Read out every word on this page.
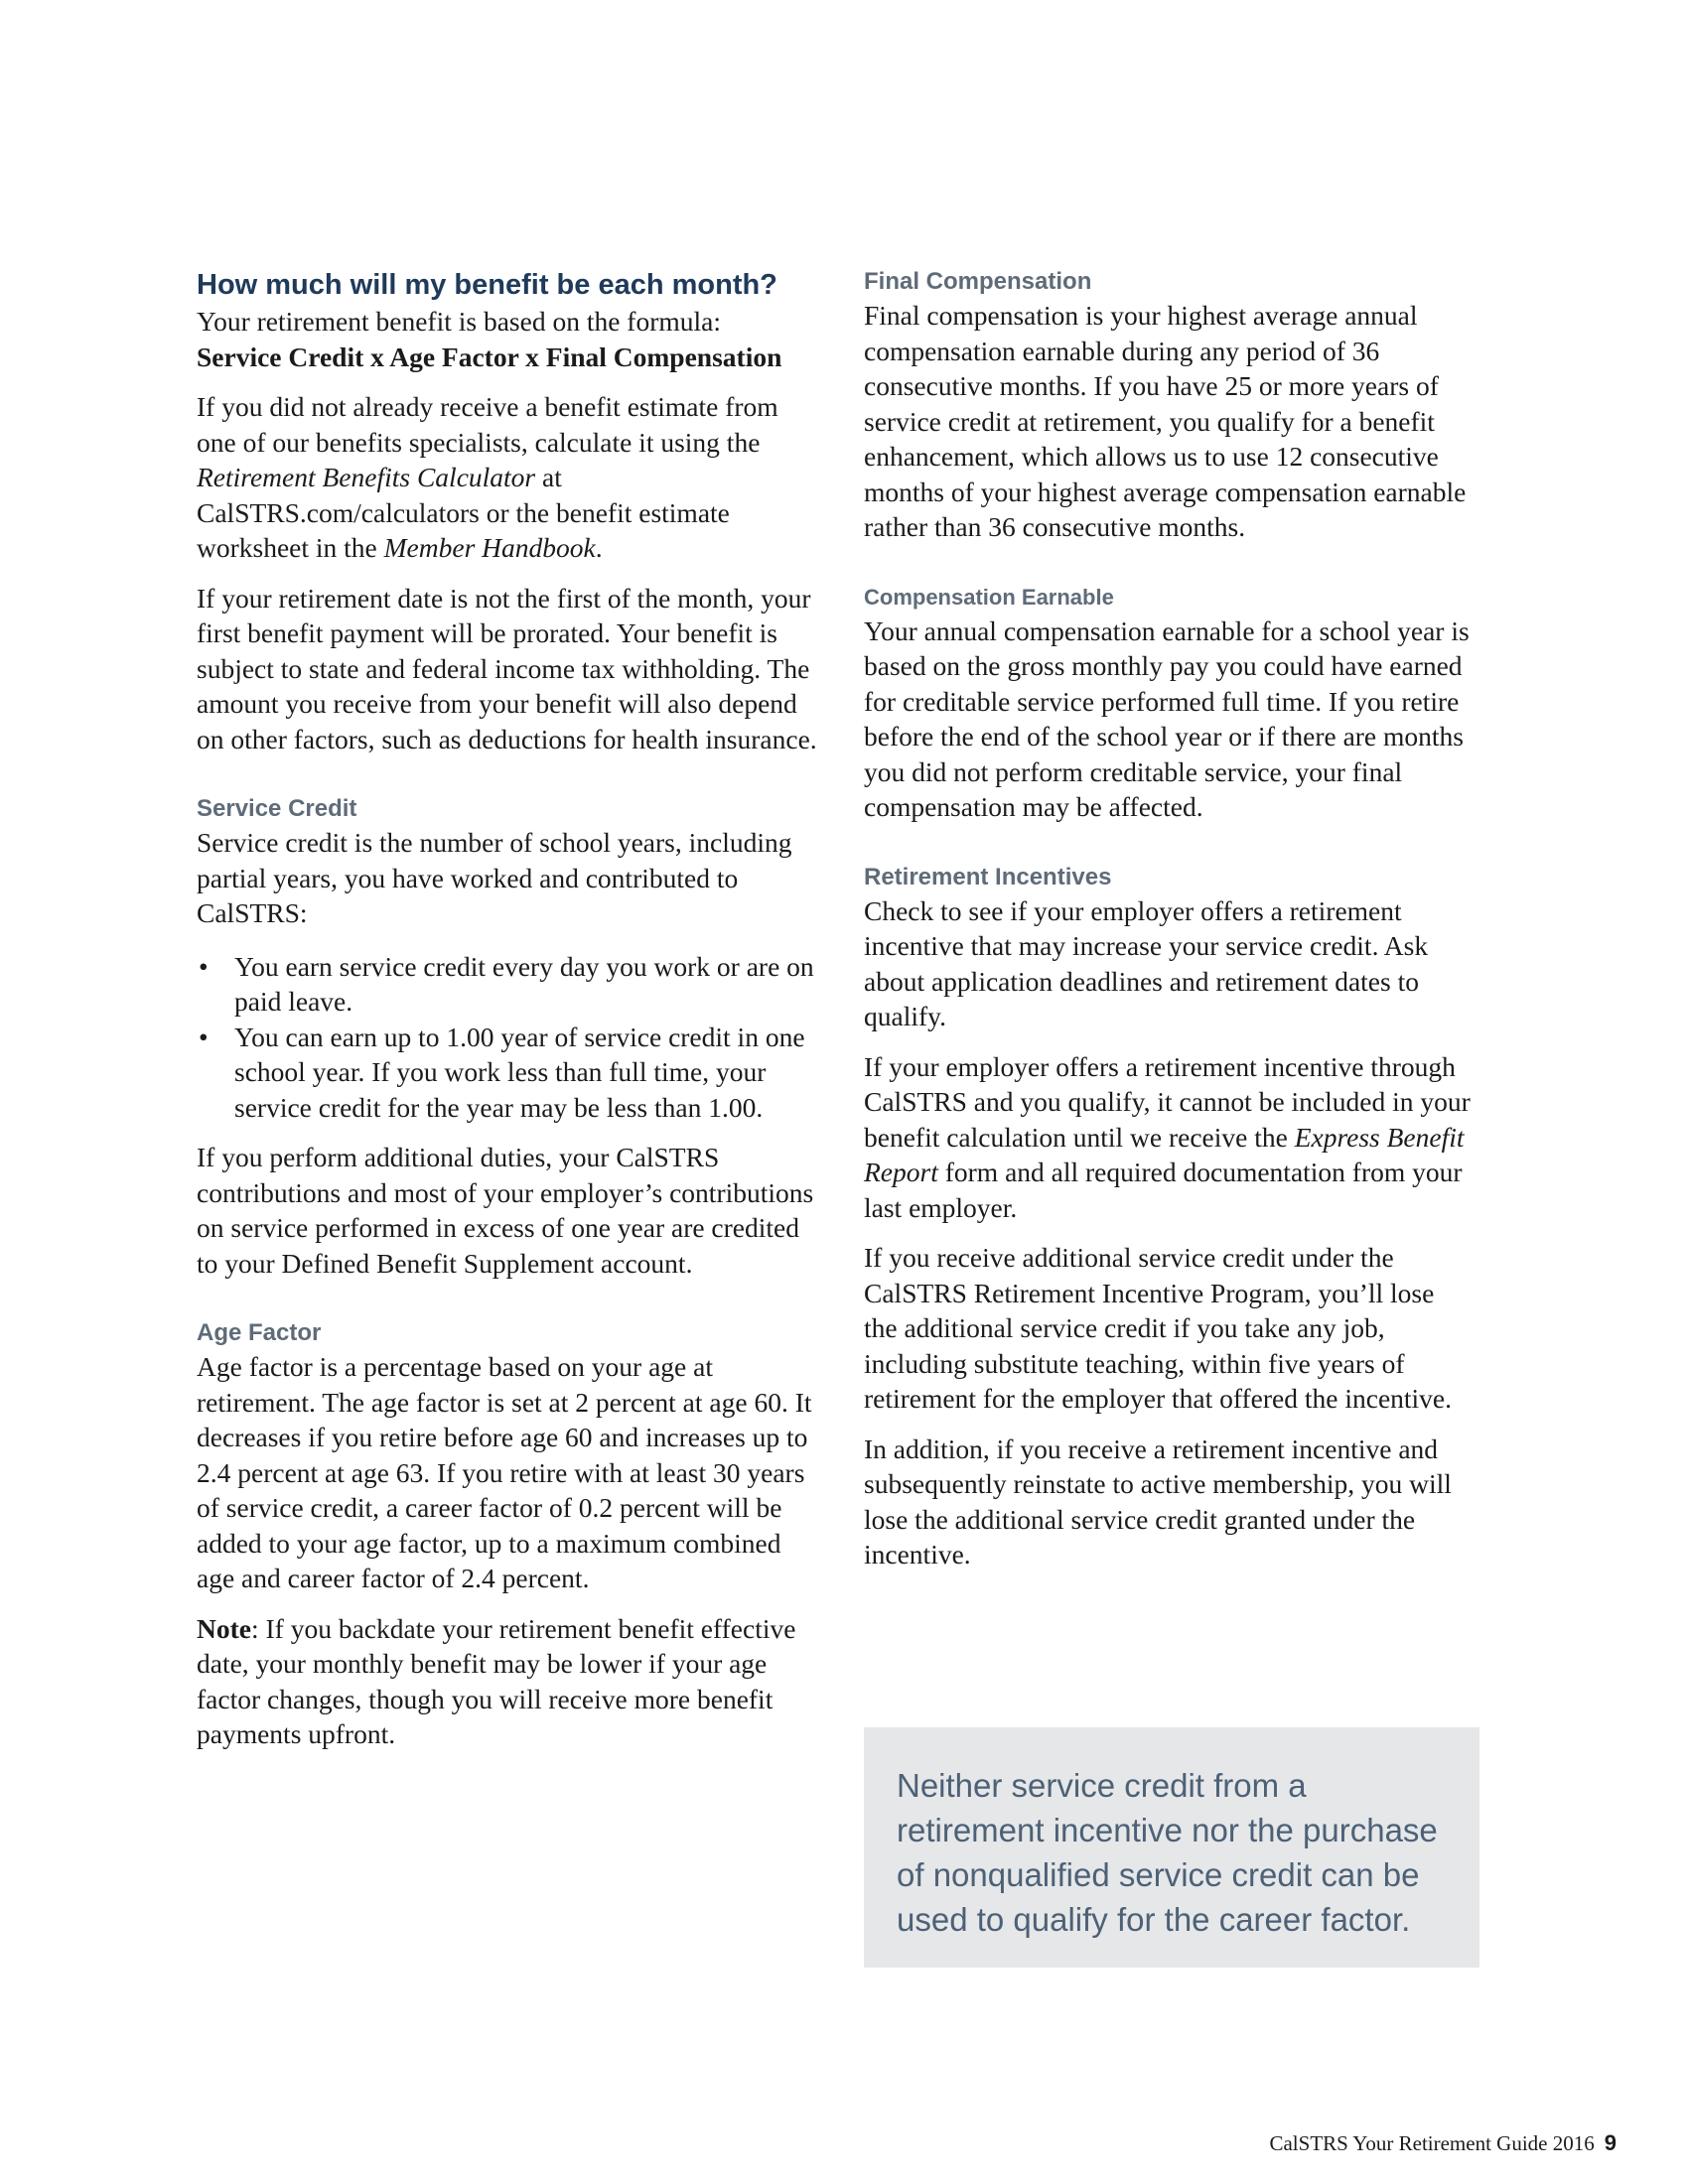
How much will my benefit be each month?

Your retirement benefit is based on the formula:

Service Credit x Age Factor x Final Compensation

If you did not already receive a benefit estimate from one of our benefits specialists, calculate it using the Retirement Benefits Calculator at CalSTRS.com/calculators or the benefit estimate worksheet in the Member Handbook.

If your retirement date is not the first of the month, your first benefit payment will be prorated. Your benefit is subject to state and federal income tax withholding. The amount you receive from your benefit will also depend on other factors, such as deductions for health insurance.

Service Credit

Service credit is the number of school years, including partial years, you have worked and contributed to CalSTRS:

• You earn service credit every day you work or are on paid leave.
• You can earn up to 1.00 year of service credit in one school year. If you work less than full time, your service credit for the year may be less than 1.00.

If you perform additional duties, your CalSTRS contributions and most of your employer’s contributions on service performed in excess of one year are credited to your Defined Benefit Supplement account.

Age Factor

Age factor is a percentage based on your age at retirement. The age factor is set at 2 percent at age 60. It decreases if you retire before age 60 and increases up to 2.4 percent at age 63. If you retire with at least 30 years of service credit, a career factor of 0.2 percent will be added to your age factor, up to a maximum combined age and career factor of 2.4 percent.

Note: If you backdate your retirement benefit effective date, your monthly benefit may be lower if your age factor changes, though you will receive more benefit payments upfront.

Final Compensation

Final compensation is your highest average annual compensation earnable during any period of 36 consecutive months. If you have 25 or more years of service credit at retirement, you qualify for a benefit enhancement, which allows us to use 12 consecutive months of your highest average compensation earnable rather than 36 consecutive months.

Compensation Earnable

Your annual compensation earnable for a school year is based on the gross monthly pay you could have earned for creditable service performed full time. If you retire before the end of the school year or if there are months you did not perform creditable service, your final compensation may be affected.

Retirement Incentives

Check to see if your employer offers a retirement incentive that may increase your service credit. Ask about application deadlines and retirement dates to qualify.

If your employer offers a retirement incentive through CalSTRS and you qualify, it cannot be included in your benefit calculation until we receive the Express Benefit Report form and all required documentation from your last employer.

If you receive additional service credit under the CalSTRS Retirement Incentive Program, you’ll lose the additional service credit if you take any job, including substitute teaching, within five years of retirement for the employer that offered the incentive.

In addition, if you receive a retirement incentive and subsequently reinstate to active membership, you will lose the additional service credit granted under the incentive.

Neither service credit from a retirement incentive nor the purchase of nonqualified service credit can be used to qualify for the career factor.

CalSTRS Your Retirement Guide 2016 9
